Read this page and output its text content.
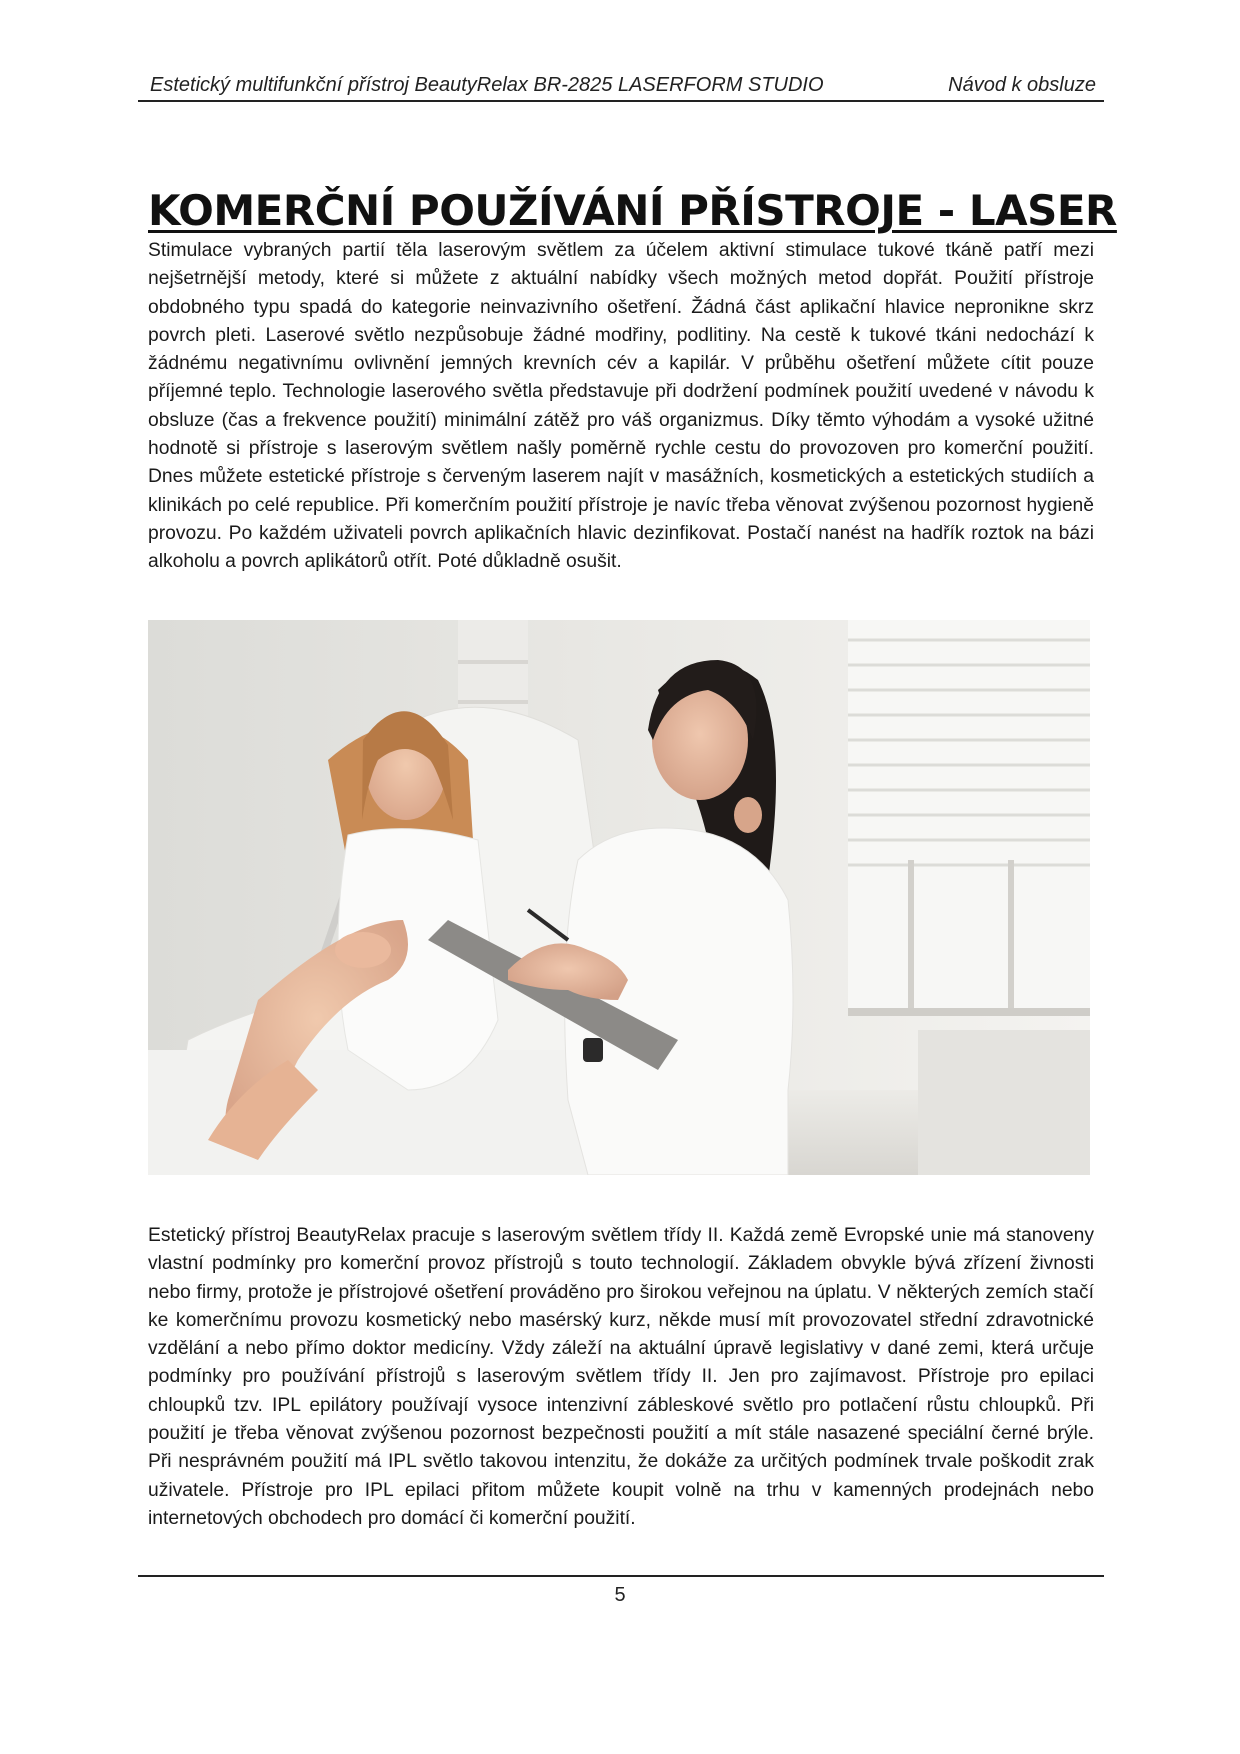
Estetický multifunkční přístroj BeautyRelax BR-2825 LASERFORM STUDIO	Návod k obsluze
KOMERČNÍ POUŽÍVÁNÍ PŘÍSTROJE - LASER

Stimulace vybraných partií těla laserovým světlem za účelem aktivní stimulace tukové tkáně patří mezi nejšetrnější metody, které si můžete z aktuální nabídky všech možných metod dopřát. Použití přístroje obdobného typu spadá do kategorie neinvazivního ošetření. Žádná část aplikační hlavice nepronikne skrz povrch pleti. Laserové světlo nezpůsobuje žádné modřiny, podlitiny. Na cestě k tukové tkáni nedochází k žádnému negativnímu ovlivnění jemných krevních cév a kapilár. V průběhu ošetření můžete cítit pouze příjemné teplo. Technologie laserového světla představuje při dodržení podmínek použití uvedené v návodu k obsluze (čas a frekvence použití) minimální zátěž pro váš organizmus. Díky těmto výhodám a vysoké užitné hodnotě si přístroje s laserovým světlem našly poměrně rychle cestu do provozoven pro komerční použití. Dnes můžete estetické přístroje s červeným laserem najít v masážních, kosmetických a estetických studiích a klinikách po celé republice. Při komerčním použití přístroje je navíc třeba věnovat zvýšenou pozornost hygieně provozu. Po každém uživateli povrch aplikačních hlavic dezinfikovat. Postačí nanést na hadřík roztok na bázi alkoholu a povrch aplikátorů otřít. Poté důkladně osušit.

Estetický přístroj BeautyRelax pracuje s laserovým světlem třídy II. Každá země Evropské unie má stanoveny vlastní podmínky pro komerční provoz přístrojů s touto technologií. Základem obvykle bývá zřízení živnosti nebo firmy, protože je přístrojové ošetření prováděno pro širokou veřejnou na úplatu. V některých zemích stačí ke komerčnímu provozu kosmetický nebo masérský kurz, někde musí mít provozovatel střední zdravotnické vzdělání a nebo přímo doktor medicíny. Vždy záleží na aktuální úpravě legislativy v dané zemi, která určuje podmínky pro používání přístrojů s laserovým světlem třídy II. Jen pro zajímavost. Přístroje pro epilaci chloupků tzv. IPL epilátory používají vysoce intenzivní zábleskové světlo pro potlačení růstu chloupků. Při použití je třeba věnovat zvýšenou pozornost bezpečnosti použití a mít stále nasazené speciální černé brýle. Při nesprávném použití má IPL světlo takovou intenzitu, že dokáže za určitých podmínek trvale poškodit zrak uživatele. Přístroje pro IPL epilaci přitom můžete koupit volně na trhu v kamenných prodejnách nebo internetových obchodech pro domácí či komerční použití.

5
